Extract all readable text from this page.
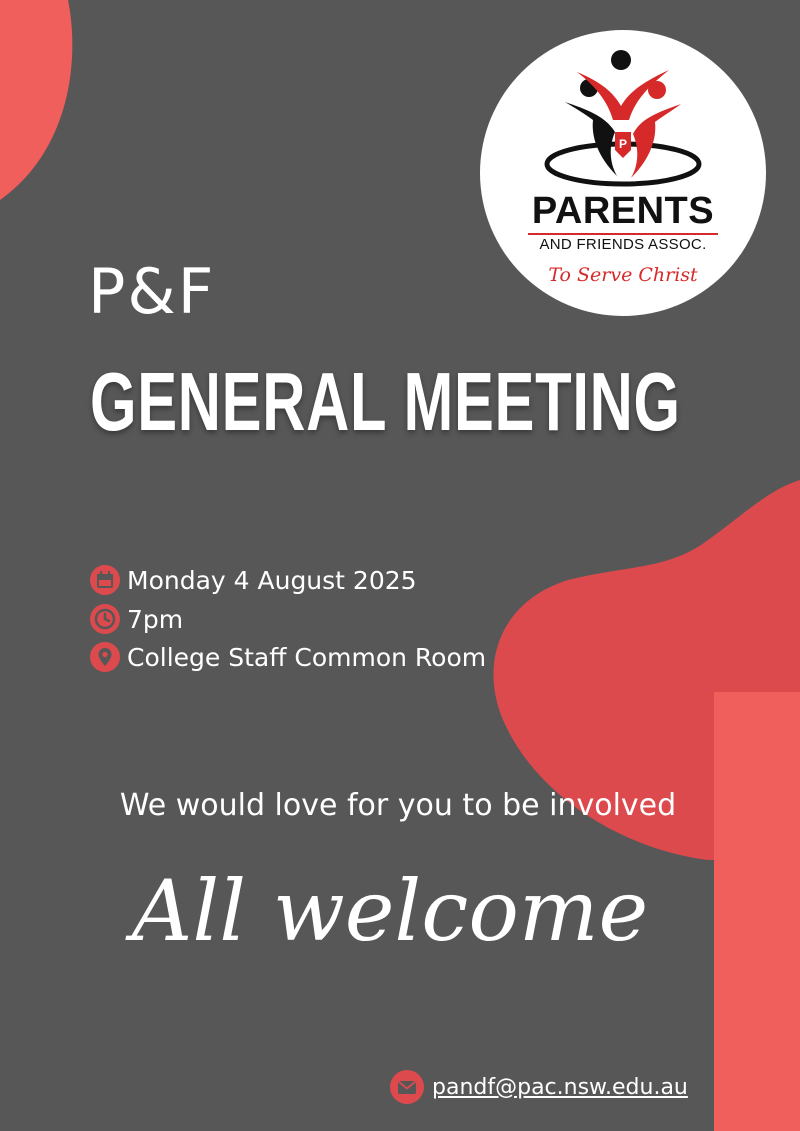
P
PARENTS
AND FRIENDS ASSOC.
To Serve Christ
P&F
GENERAL MEETING
Monday 4 August 2025
7pm
College Staff Common Room
We would love for you to be involved
All welcome
pandf@pac.nsw.edu.au
